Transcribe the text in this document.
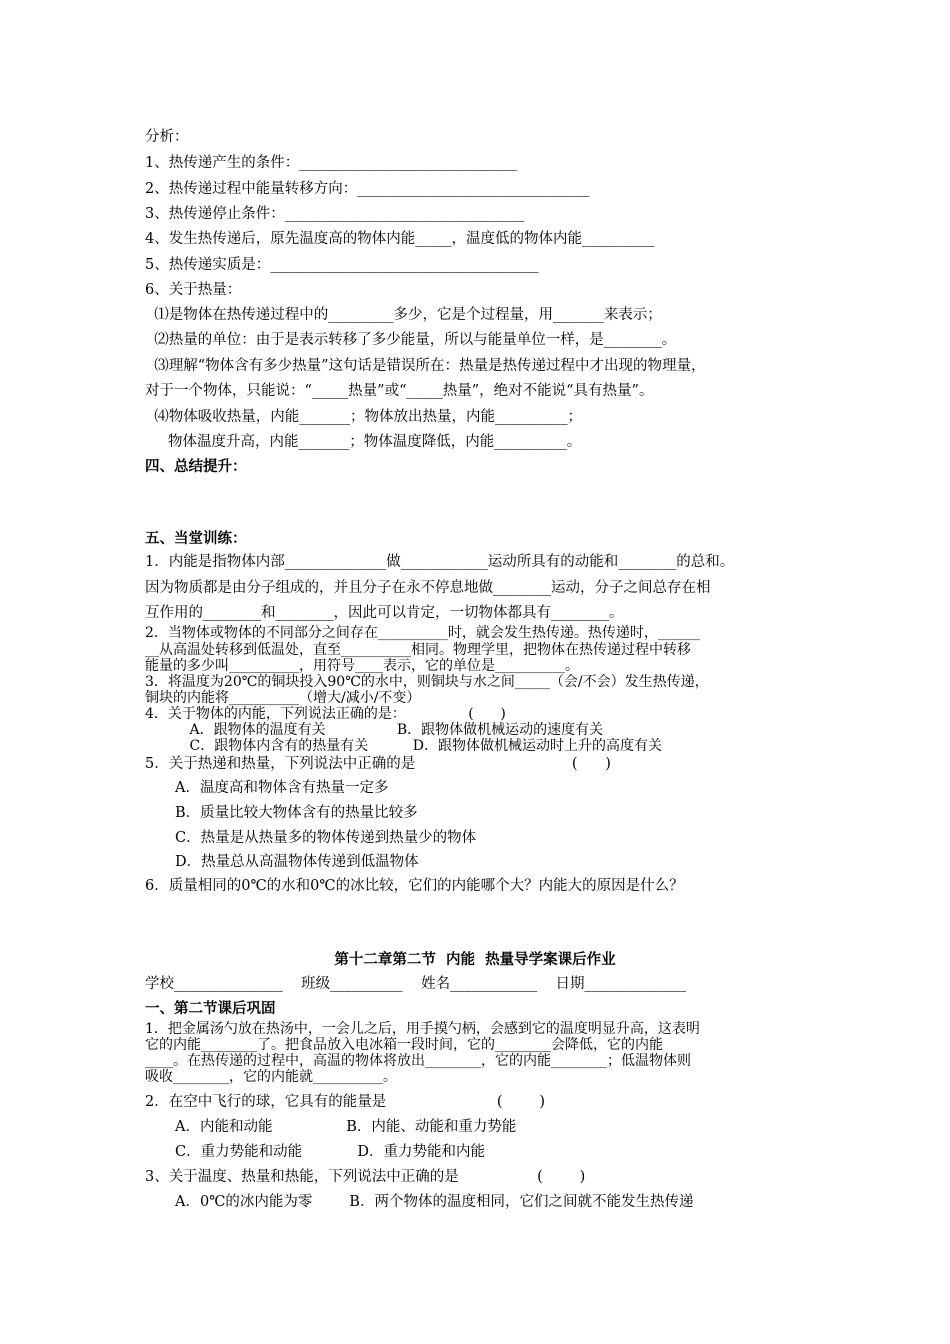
分析：
1、热传递产生的条件：______________________________
2、热传递过程中能量转移方向：________________________________
3、热传递停止条件：_________________________________
4、发生热传递后，原先温度高的物体内能_____，温度低的物体内能__________
5、热传递实质是：_____________________________________
6、关于热量：
⑴是物体在热传递过程中的_________多少，它是个过程量，用_______来表示；
⑵热量的单位：由于是表示转移了多少能量，所以与能量单位一样，是________。
⑶理解“物体含有多少热量”这句话是错误所在：热量是热传递过程中才出现的物理量，
对于一个物体，只能说：“_____热量”或“_____热量”，绝对不能说“具有热量”。
⑷物体吸收热量，内能_______；物体放出热量，内能__________；
物体温度升高，内能_______；物体温度降低，内能__________。
四、总结提升：
五、当堂训练：
1．内能是指物体内部______________做____________运动所具有的动能和________的总和。
因为物质都是由分子组成的，并且分子在永不停息地做________运动，分子之间总存在相
互作用的________和________，因此可以肯定，一切物体都具有________。
2．当物体或物体的不同部分之间存在__________时，就会发生热传递。热传递时，______
__从高温处转移到低温处，直至__________相同。物理学里，把物体在热传递过程中转移
能量的多少叫__________，用符号____表示，它的单位是__________。
3．将温度为20℃的铜块投入90℃的水中，则铜块与水之间_____（会/不会）发生热传递，
铜块的内能将__________（增大/减小/不变）
4．关于物体的内能，下列说法正确的是：              (      )
A．跟物体的温度有关                B．跟物体做机械运动的速度有关
C．跟物体内含有的热量有关          D．跟物体做机械运动时上升的高度有关
5．关于热递和热量，下列说法中正确的是                                  (      )
A．温度高和物体含有热量一定多
B．质量比较大物体含有的热量比较多
C．热量是从热量多的物体传递到热量少的物体
D．热量总从高温物体传递到低温物体
6．质量相同的0℃的水和0℃的冰比较，它们的内能哪个大？内能大的原因是什么？
第十二章第二节  内能  热量导学案课后作业
学校_______________    班级__________    姓名____________    日期______________
一、第二节课后巩固
1．把金属汤勺放在热汤中，一会儿之后，用手摸勺柄，会感到它的温度明显升高，这表明
它的内能________了。把食品放入电冰箱一段时间，它的________会降低，它的内能
____。在热传递的过程中，高温的物体将放出________，它的内能________；低温物体则
吸收________，它的内能就__________。
2．在空中飞行的球，它具有的能量是                        (        )
A．内能和动能                B．内能、动能和重力势能
C．重力势能和动能            D．重力势能和内能
3、关于温度、热量和热能，下列说法中正确的是                 (        )
A．0℃的冰内能为零        B．两个物体的温度相同，它们之间就不能发生热传递
